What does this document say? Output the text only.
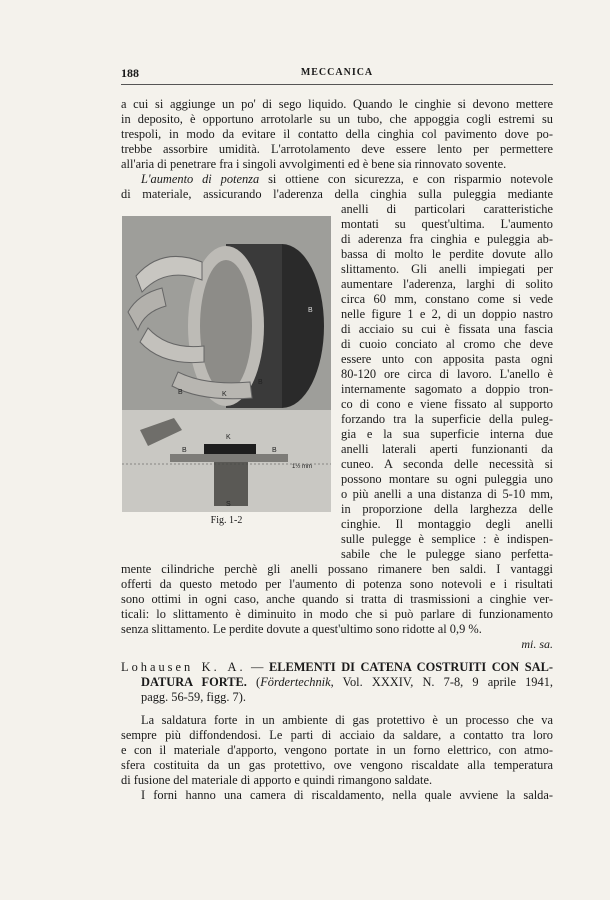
188	MECCANICA
a cui si aggiunge un po' di sego liquido. Quando le cinghie si devono mettere
in deposito, è opportuno arrotolarle su un tubo, che appoggia cogli estremi su
trespoli, in modo da evitare il contatto della cinghia col pavimento dove po-
trebbe assorbire umidità. L'arrotolamento deve essere lento per permettere
all'aria di penetrare fra i singoli avvolgimenti ed è bene sia rinnovato sovente.
L'aumento di potenza si ottiene con sicurezza, e con risparmio notevole
di materiale, assicurando l'aderenza della cinghia sulla puleggia mediante
anelli di particolari caratteristiche
montati su quest'ultima. L'aumento
di aderenza fra cinghia e puleggia ab-
bassa di molto le perdite dovute allo
slittamento. Gli anelli impiegati per
aumentare l'aderenza, larghi di solito
circa 60 mm, constano come si vede
nelle figure 1 e 2, di un doppio nastro
di acciaio su cui è fissata una fascia
di cuoio conciato al cromo che deve
essere unto con apposita pasta ogni
80-120 ore circa di lavoro. L'anello è
internamente sagomato a doppio tron-
co di cono e viene fissato al supporto
forzando tra la superficie della puleg-
gia e la sua superficie interna due
anelli laterali aperti funzionanti da
cuneo. A seconda delle necessità si
possono montare su ogni puleggia uno
o più anelli a una distanza di 5-10 mm,
in proporzione della larghezza delle
cinghie. Il montaggio degli anelli
sulle pulegge è semplice : è indispen-
sabile che le pulegge siano perfetta-
mente cilindriche perchè gli anelli possano rimanere ben saldi. I vantaggi
offerti da questo metodo per l'aumento di potenza sono notevoli e i risultati
sono ottimi in ogni caso, anche quando si tratta di trasmissioni a cinghie ver-
ticali: lo slittamento è diminuito in modo che si può parlare di funzionamento
senza slittamento. Le perdite dovute a quest'ultimo sono ridotte al 0,9 %.
mi. sa.
B	K
B
B
K
B	B
S
1½ mm
Fig. 1-2
Lohausen K. A. — ELEMENTI DI CATENA COSTRUITI CON SAL-
DATURA FORTE. (Fördertechnik, Vol. XXXIV, N. 7-8, 9 aprile 1941,
pagg. 56-59, figg. 7).
La saldatura forte in un ambiente di gas protettivo è un processo che va
sempre più diffondendosi. Le parti di acciaio da saldare, a contatto tra loro
e con il materiale d'apporto, vengono portate in un forno elettrico, con atmo-
sfera costituita da un gas protettivo, ove vengono riscaldate alla temperatura
di fusione del materiale di apporto e quindi rimangono saldate.
I forni hanno una camera di riscaldamento, nella quale avviene la salda-
